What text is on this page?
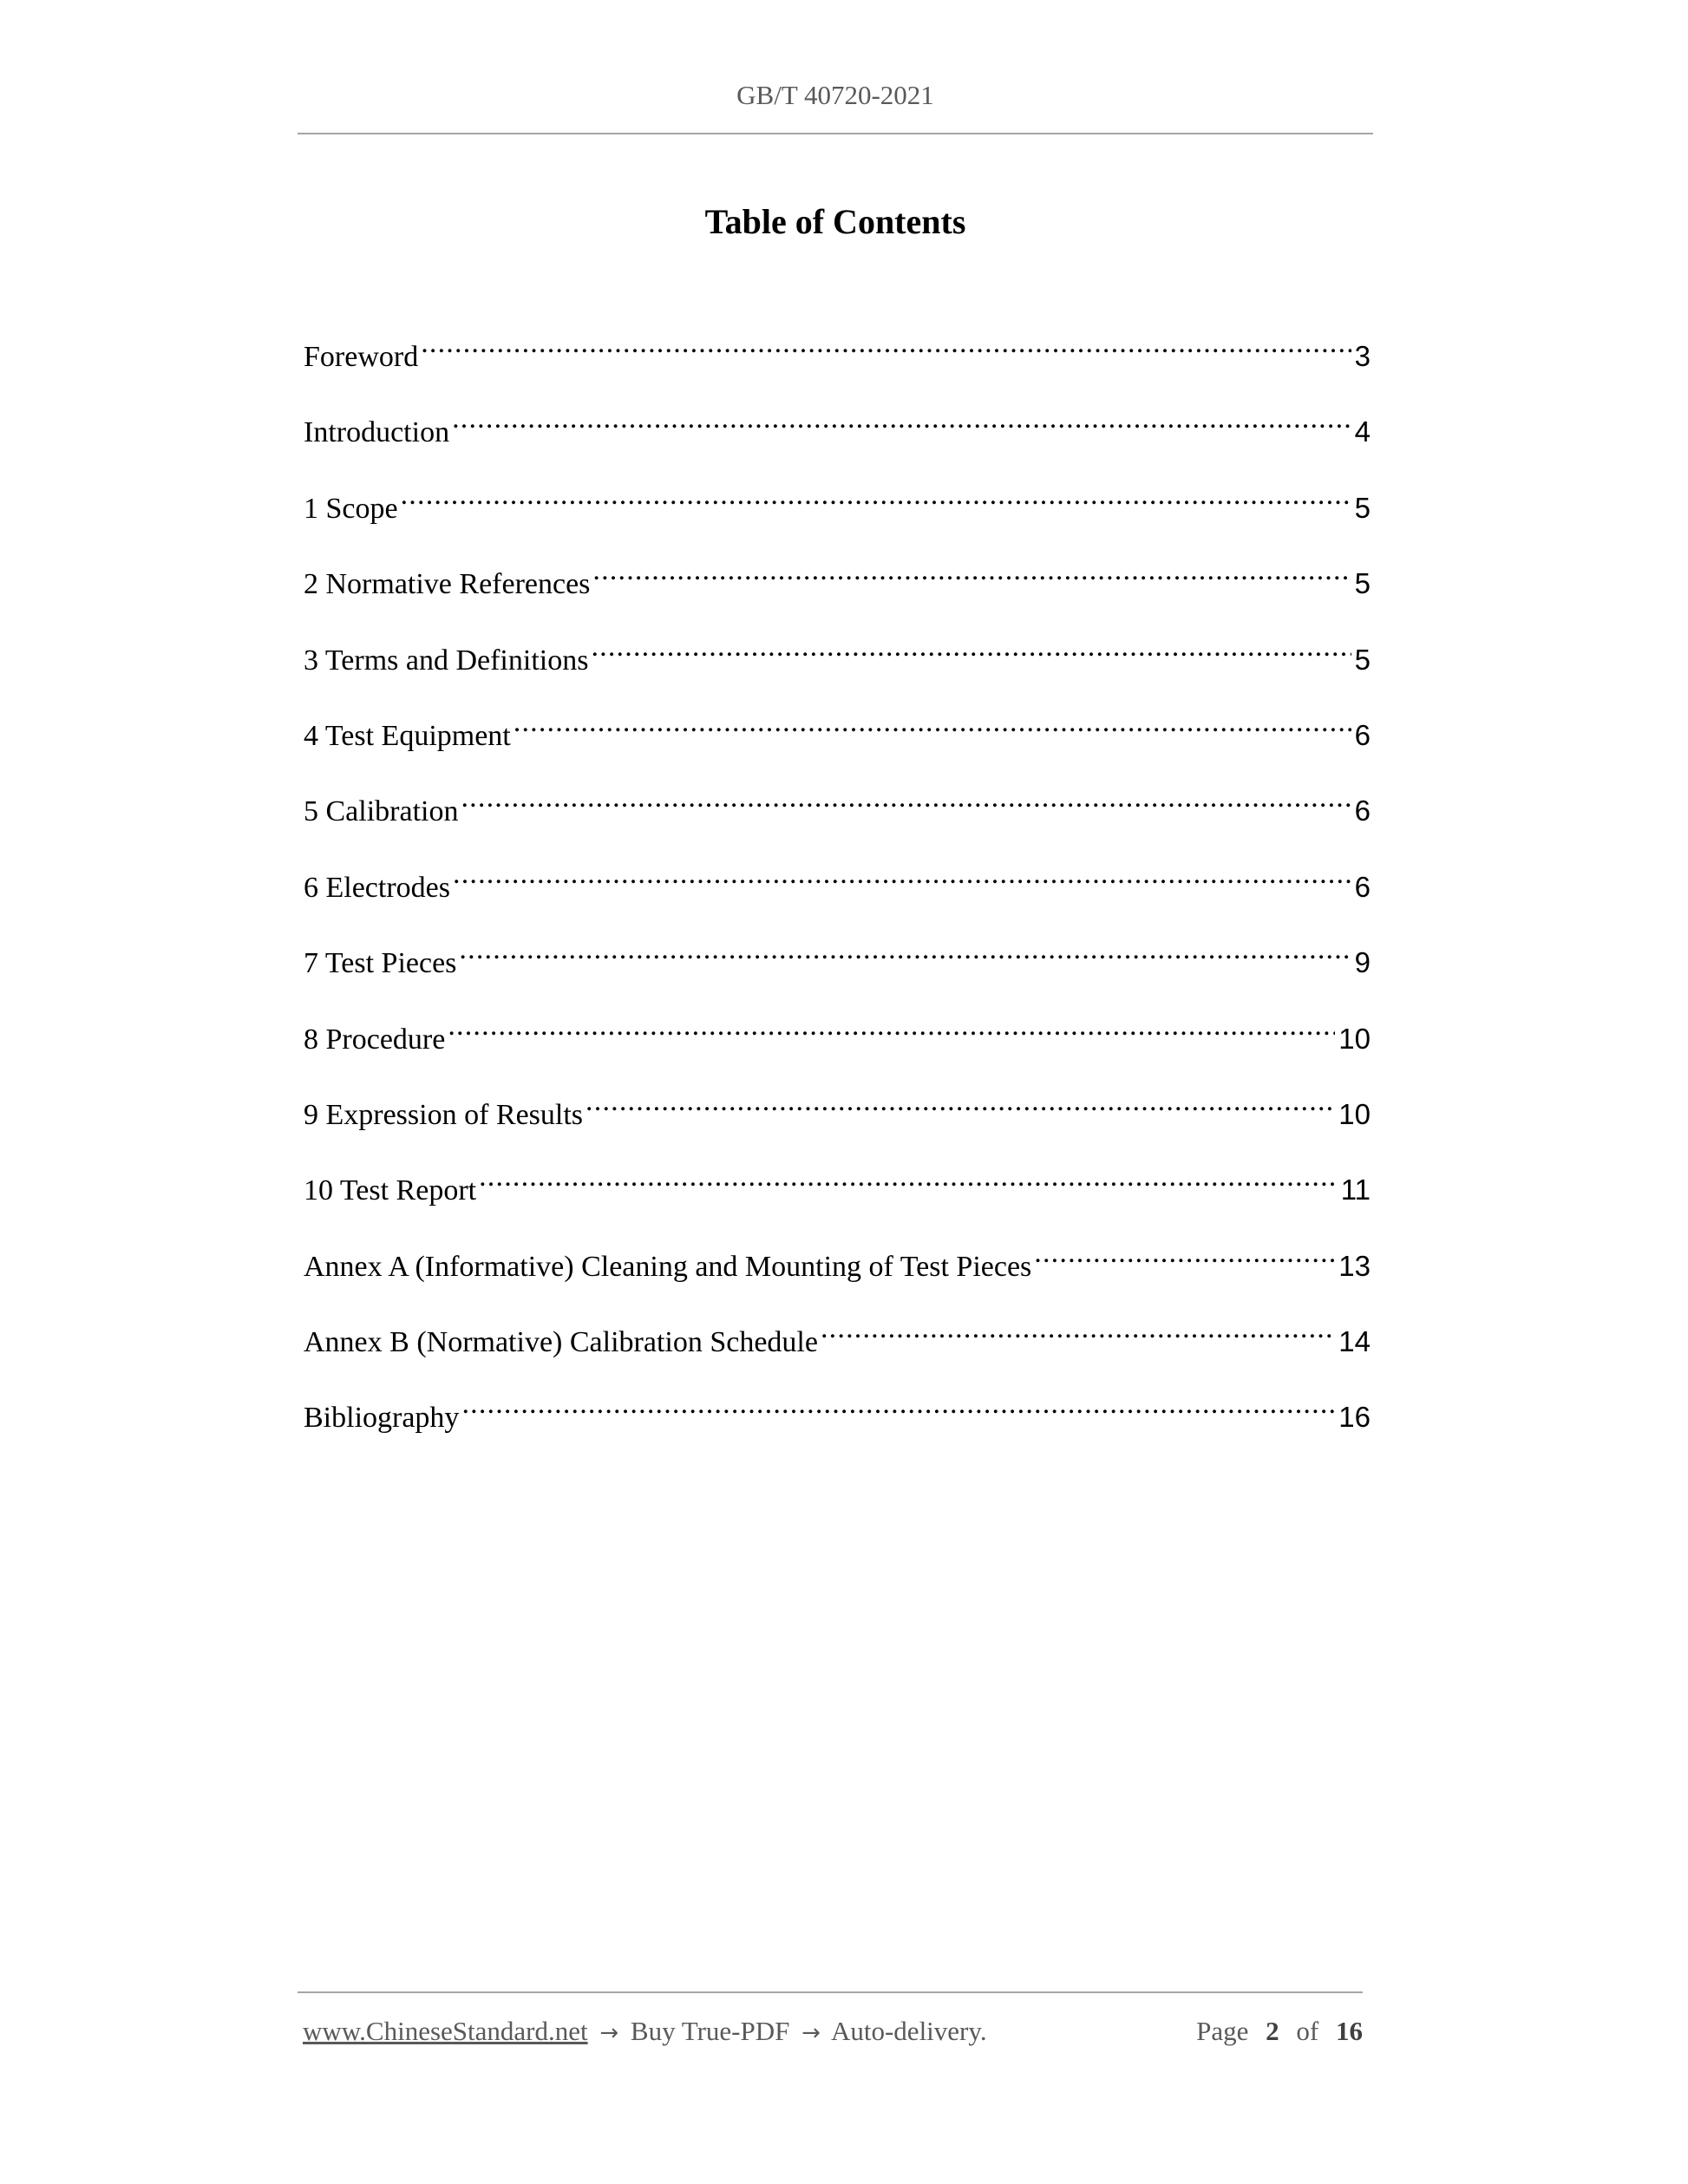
GB/T 40720-2021
Table of Contents
Foreword .....	3
Introduction .....	4
1 Scope .....	5
2 Normative References .....	5
3 Terms and Definitions .....	5
4 Test Equipment .....	6
5 Calibration .....	6
6 Electrodes .....	6
7 Test Pieces .....	9
8 Procedure .....	10
9 Expression of Results .....	10
10 Test Report .....	11
Annex A (Informative) Cleaning and Mounting of Test Pieces .....	13
Annex B (Normative) Calibration Schedule .....	14
Bibliography .....	16
www.ChineseStandard.net → Buy True-PDF → Auto-delivery.	Page 2 of 16
